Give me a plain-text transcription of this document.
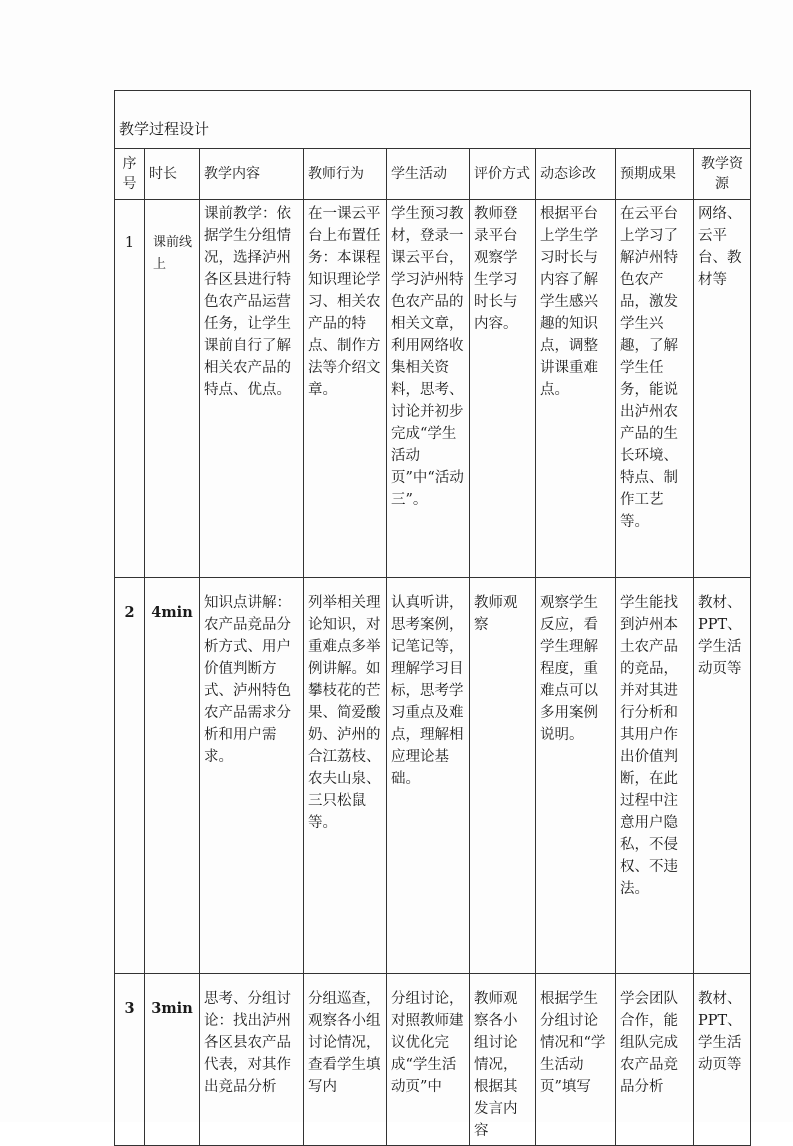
教学过程设计								
序号	时长	教学内容	教师行为	学生活动	评价方式	动态诊改	预期成果	教学资源
1	课前线上	课前教学：依据学生分组情况，选择泸州各区县进行特色农产品运营任务，让学生课前自行了解相关农产品的特点、优点。	在一课云平台上布置任务：本课程知识理论学习、相关农产品的特点、制作方法等介绍文章。	学生预习教材，登录一课云平台，学习泸州特色农产品的相关文章，利用网络收集相关资料，思考、讨论并初步完成“学生活动页”中“活动三”。	教师登录平台观察学生学习时长与内容。	根据平台上学生学习时长与内容了解学生感兴趣的知识点，调整讲课重难点。	在云平台上学习了解泸州特色农产品，激发学生兴趣，了解学生任务，能说出泸州农产品的生长环境、特点、制作工艺等。	网络、云平台、教材等
2	4min	知识点讲解：农产品竞品分析方式、用户价值判断方式、泸州特色农产品需求分析和用户需求。	列举相关理论知识，对重难点多举例讲解。如攀枝花的芒果、简爱酸奶、泸州的合江荔枝、农夫山泉、三只松鼠等。	认真听讲，思考案例，记笔记等，理解学习目标，思考学习重点及难点，理解相应理论基础。	教师观察	观察学生反应，看学生理解程度，重难点可以多用案例说明。	学生能找到泸州本土农产品的竞品，并对其进行分析和其用户作出价值判断，在此过程中注意用户隐私，不侵权、不违法。	教材、PPT、学生活动页等
3	3min	思考、分组讨论：找出泸州各区县农产品代表，对其作出竞品分析	分组巡查，观察各小组讨论情况，查看学生填写内	分组讨论，对照教师建议优化完成“学生活动页”中	教师观察各小组讨论情况，根据其发言内容	根据学生分组讨论情况和“学生活动页”填写	学会团队合作，能组队完成农产品竞品分析	教材、PPT、学生活动页等
